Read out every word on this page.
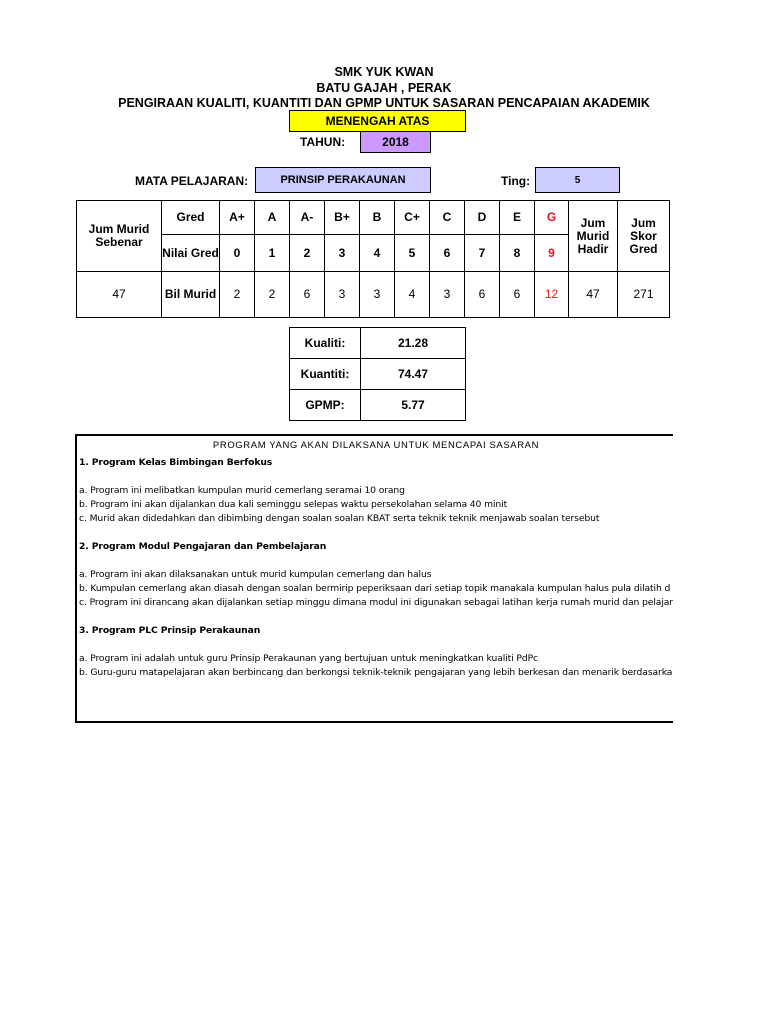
SMK YUK KWAN
BATU GAJAH , PERAK
PENGIRAAN KUALITI, KUANTITI DAN GPMP UNTUK SASARAN PENCAPAIAN AKADEMIK
MENENGAH ATAS
TAHUN:	2018
MATA PELAJARAN:	PRINSIP PERAKAUNAN	Ting:	5
Jum Murid Sebenar	Gred	A+	A	A-	B+	B	C+	C	D	E	G	Jum Murid Hadir	Jum Skor Gred
	Nilai Gred	0	1	2	3	4	5	6	7	8	9		
47	Bil Murid	2	2	6	3	3	4	3	6	6	12	47	271
Kualiti:	21.28
Kuantiti:	74.47
GPMP:	5.77
PROGRAM YANG AKAN DILAKSANA UNTUK MENCAPAI SASARAN
1. Program Kelas Bimbingan Berfokus
a. Program ini melibatkan kumpulan murid cemerlang seramai 10 orang
b. Program ini akan dijalankan dua kali seminggu selepas waktu persekolahan selama 40 minit
c. Murid akan didedahkan dan dibimbing dengan soalan soalan KBAT serta teknik teknik menjawab soalan tersebut
2. Program Modul Pengajaran dan Pembelajaran
a. Program ini akan dilaksanakan untuk murid kumpulan cemerlang dan halus
b. Kumpulan cemerlang akan diasah dengan soalan bermirip peperiksaan dari setiap topik manakala kumpulan halus pula dilatih d
c. Program ini dirancang akan dijalankan setiap minggu dimana modul ini digunakan sebagai latihan kerja rumah murid dan pelajar
3. Program PLC Prinsip Perakaunan
a. Program ini adalah untuk guru Prinsip Perakaunan yang bertujuan untuk meningkatkan kualiti PdPc
b. Guru-guru matapelajaran akan berbincang dan berkongsi teknik-teknik pengajaran yang lebih berkesan dan menarik berdasarka
